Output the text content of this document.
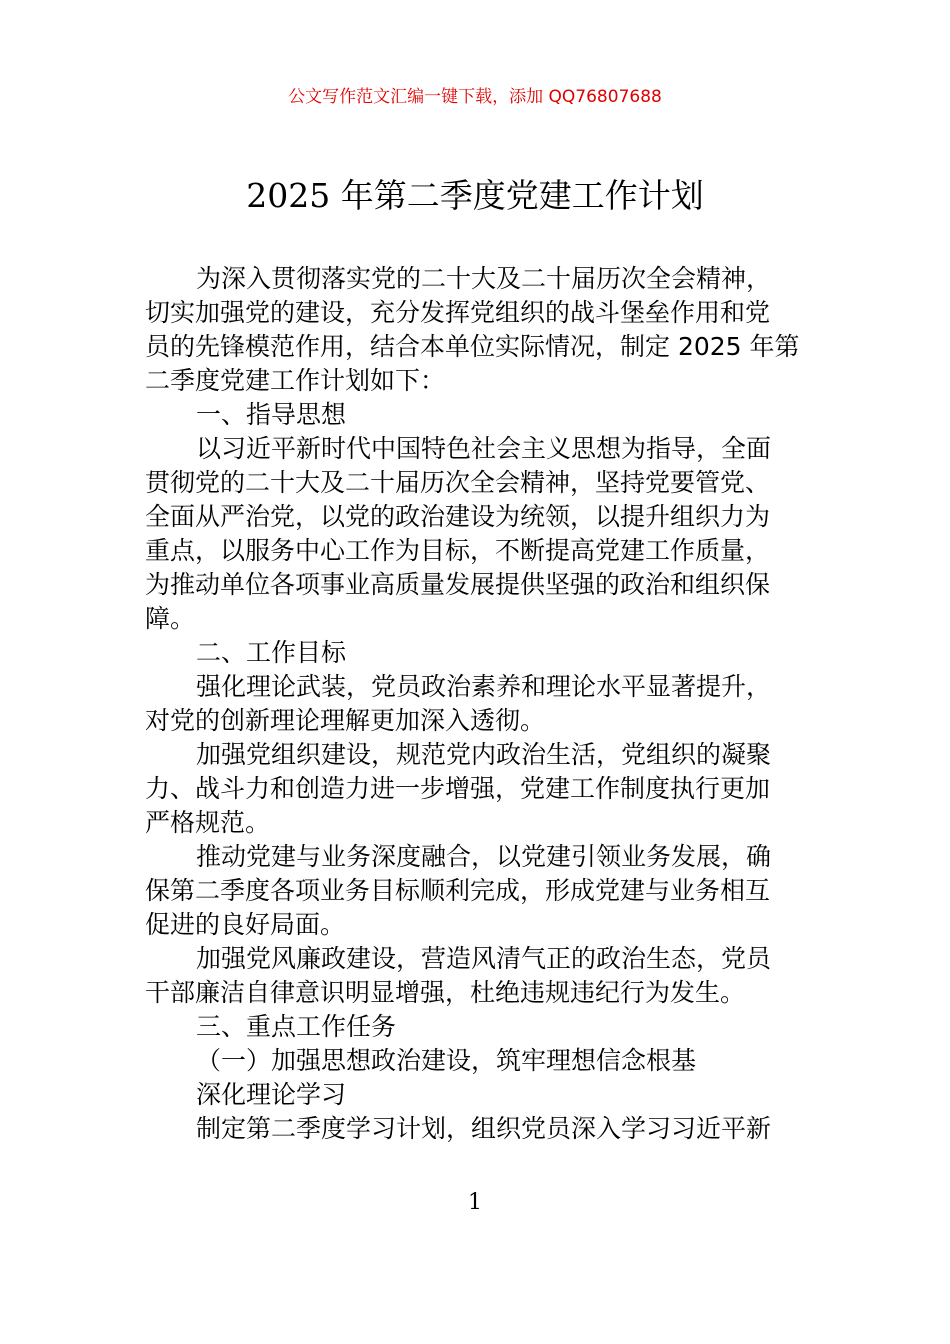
公文写作范文汇编一键下载，添加 QQ76807688
2025 年第二季度党建工作计划
为深入贯彻落实党的二十大及二十届历次全会精神，
切实加强党的建设，充分发挥党组织的战斗堡垒作用和党
员的先锋模范作用，结合本单位实际情况，制定 2025 年第
二季度党建工作计划如下：
一、指导思想
以习近平新时代中国特色社会主义思想为指导，全面
贯彻党的二十大及二十届历次全会精神，坚持党要管党、
全面从严治党，以党的政治建设为统领，以提升组织力为
重点，以服务中心工作为目标，不断提高党建工作质量，
为推动单位各项事业高质量发展提供坚强的政治和组织保
障。
二、工作目标
强化理论武装，党员政治素养和理论水平显著提升，
对党的创新理论理解更加深入透彻。
加强党组织建设，规范党内政治生活，党组织的凝聚
力、战斗力和创造力进一步增强，党建工作制度执行更加
严格规范。
推动党建与业务深度融合，以党建引领业务发展，确
保第二季度各项业务目标顺利完成，形成党建与业务相互
促进的良好局面。
加强党风廉政建设，营造风清气正的政治生态，党员
干部廉洁自律意识明显增强，杜绝违规违纪行为发生。
三、重点工作任务
（一）加强思想政治建设，筑牢理想信念根基
深化理论学习
制定第二季度学习计划，组织党员深入学习习近平新
1
